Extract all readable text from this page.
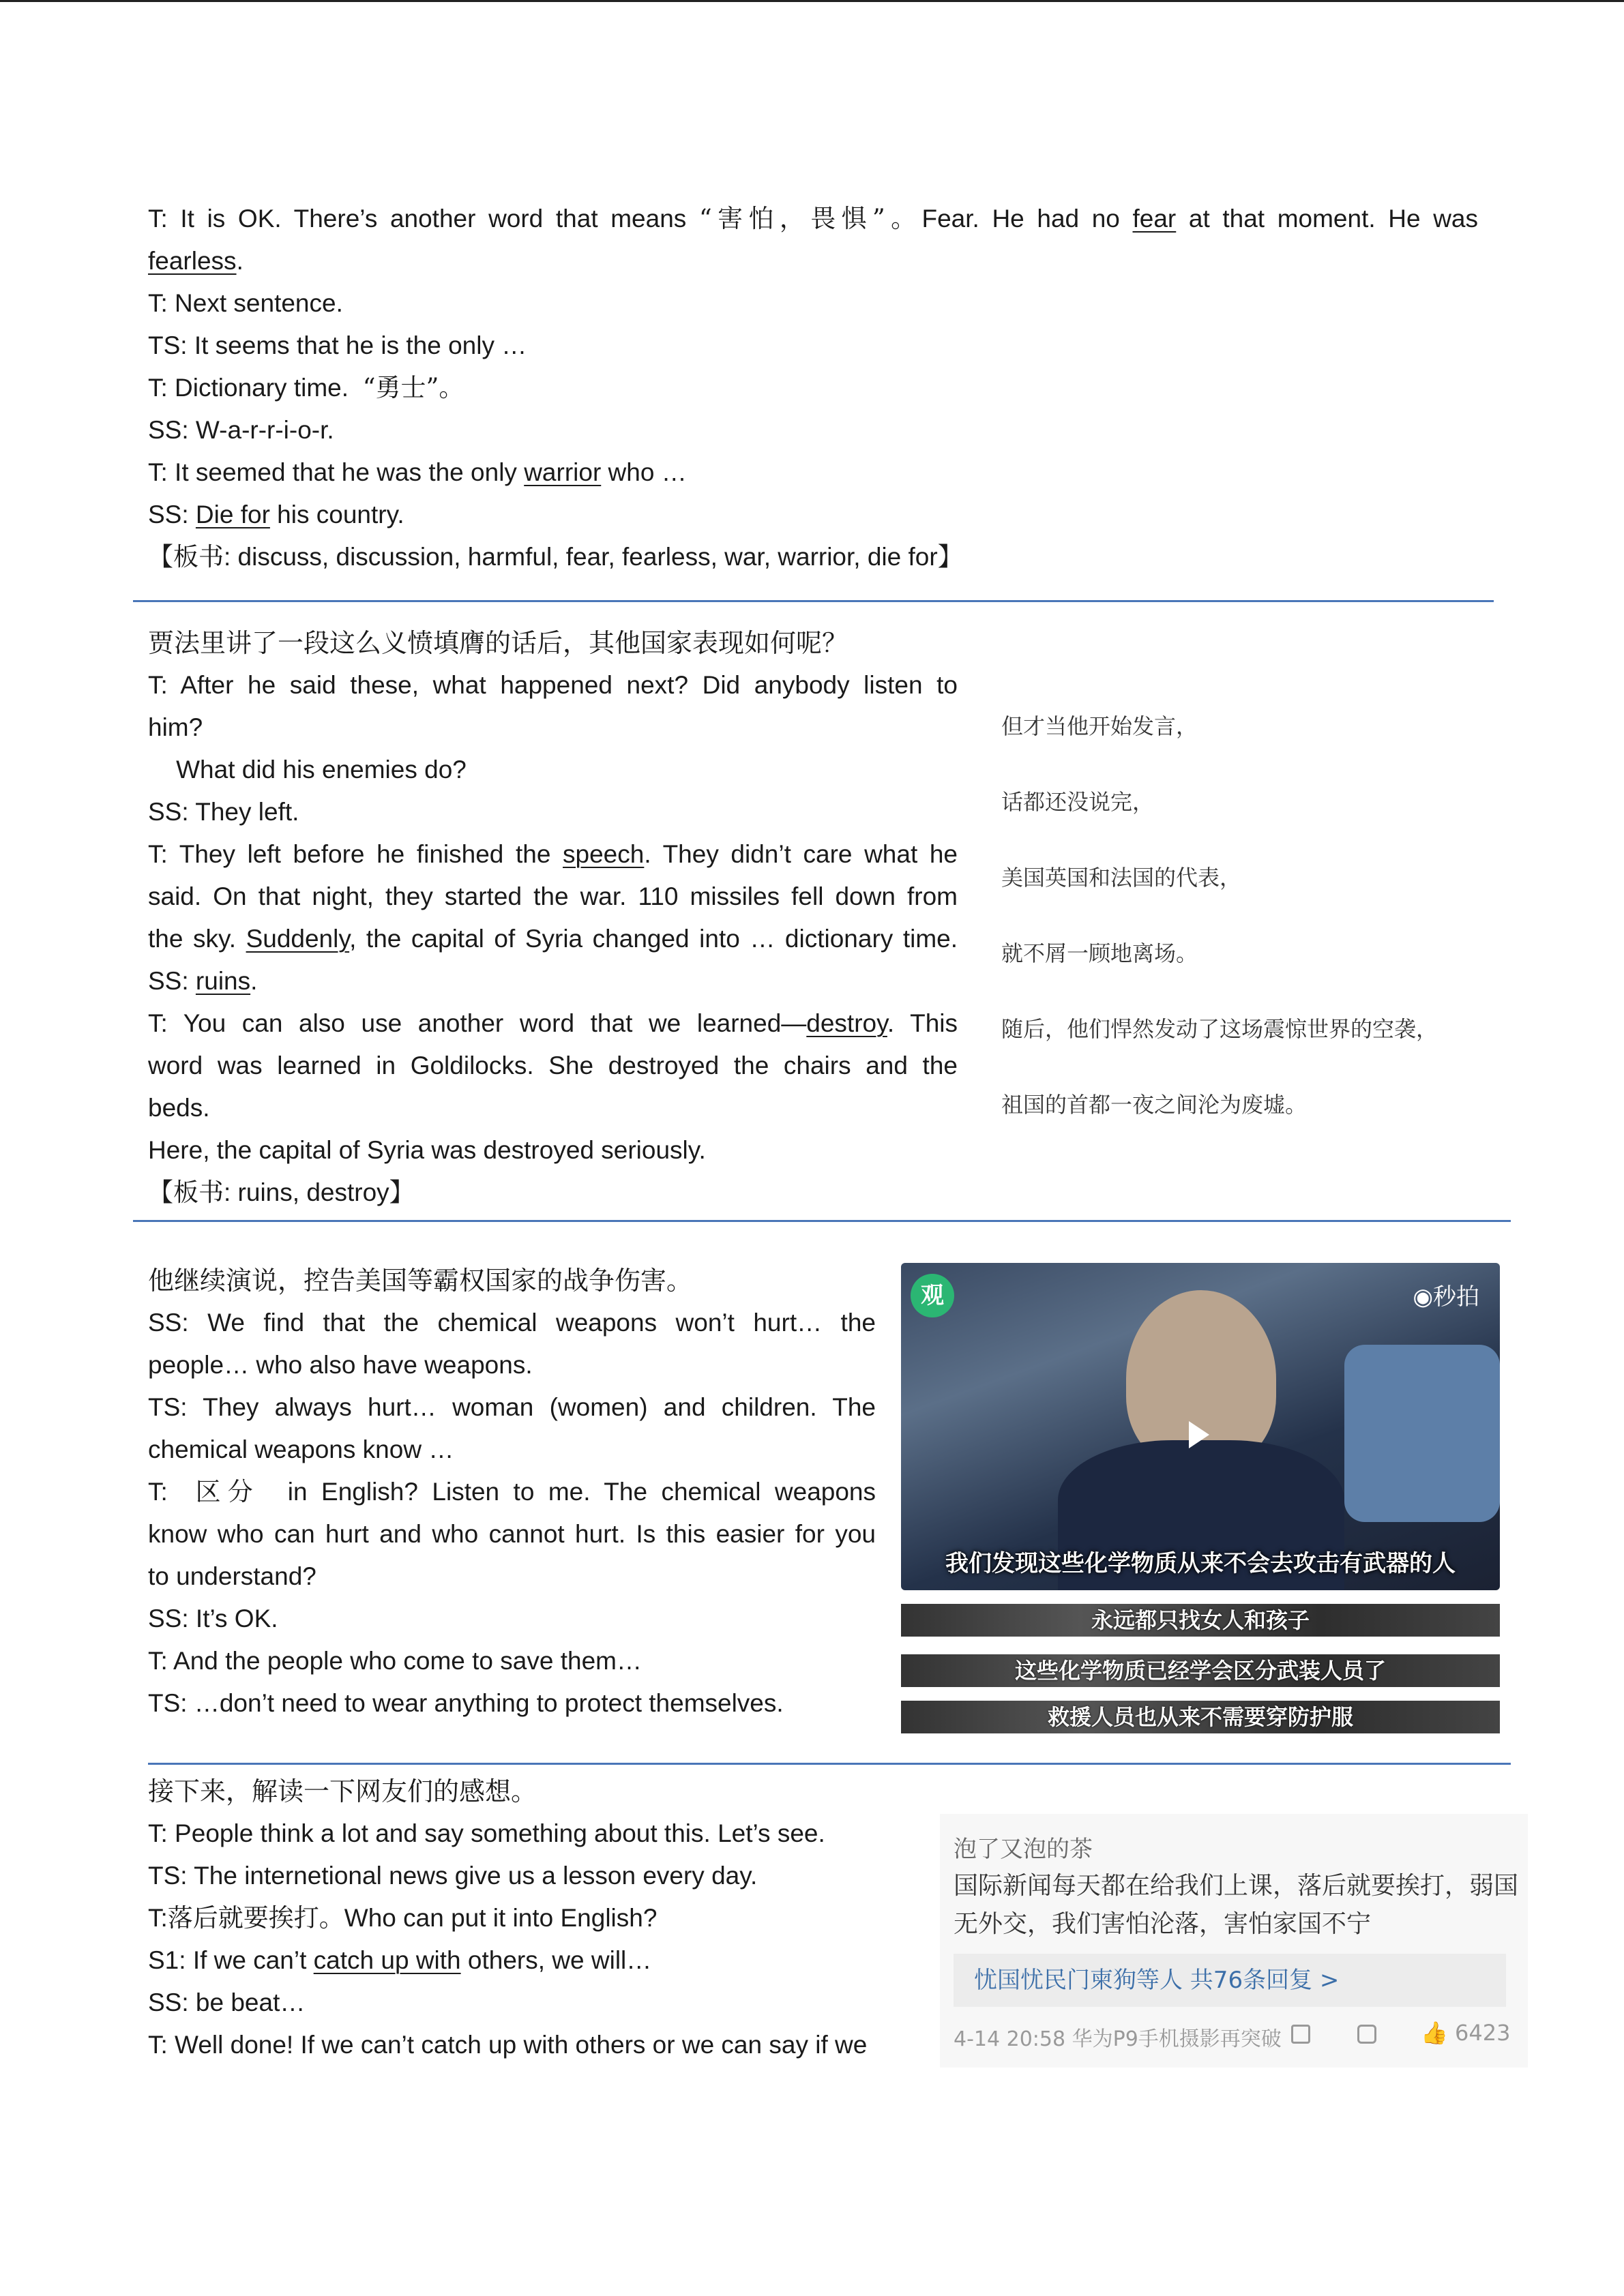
T: It is OK. There’s another word that means “害怕，畏惧”。Fear. He had no fear at that moment. He was
fearless.
T: Next sentence.
TS: It seems that he is the only …
T: Dictionary time.  “勇士”。
SS: W-a-r-r-i-o-r.
T: It seemed that he was the only warrior who …
SS: Die for his country.
【板书: discuss, discussion, harmful, fear, fearless, war, warrior, die for】
贾法里讲了一段这么义愤填膺的话后，其他国家表现如何呢？
T: After he said these, what happened next? Did anybody listen to
him?
What did his enemies do?
SS: They left.
T: They left before he finished the speech. They didn’t care what he
said. On that night, they started the war. 110 missiles fell down from
the sky. Suddenly, the capital of Syria changed into … dictionary time.
SS: ruins.
T: You can also use another word that we learned—destroy. This
word was learned in Goldilocks. She destroyed the chairs and the
beds.
Here, the capital of Syria was destroyed seriously.
【板书: ruins, destroy】
但才当他开始发言，
话都还没说完，
美国英国和法国的代表，
就不屑一顾地离场。
随后，他们悍然发动了这场震惊世界的空袭，
祖国的首都一夜之间沦为废墟。
他继续演说，控告美国等霸权国家的战争伤害。
SS: We find that the chemical weapons won’t hurt… the
people… who also have weapons.
TS: They always hurt… woman (women) and children. The
chemical weapons know …
T:  区分  in English? Listen to me. The chemical weapons
know who can hurt and who cannot hurt. Is this easier for you
to understand?
SS: It’s OK.
T: And the people who come to save them…
TS: …don’t need to wear anything to protect themselves.
观	◉秒拍
我们发现这些化学物质从来不会去攻击有武器的人
永远都只找女人和孩子
这些化学物质已经学会区分武装人员了
救援人员也从来不需要穿防护服
接下来，解读一下网友们的感想。
T: People think a lot and say something about this. Let’s see.
TS: The internetional news give us a lesson every day.
T:落后就要挨打。Who can put it into English?
S1: If we can’t catch up with others, we will…
SS: be beat…
T: Well done! If we can’t catch up with others or we can say if we
泡了又泡的茶
国际新闻每天都在给我们上课，落后就要挨打，弱国无外交，我们害怕沦落，害怕家国不宁
忧国忧民门柬狗等人 共76条回复 >
4-14 20:58 华为P9手机摄影再突破	👍 6423
